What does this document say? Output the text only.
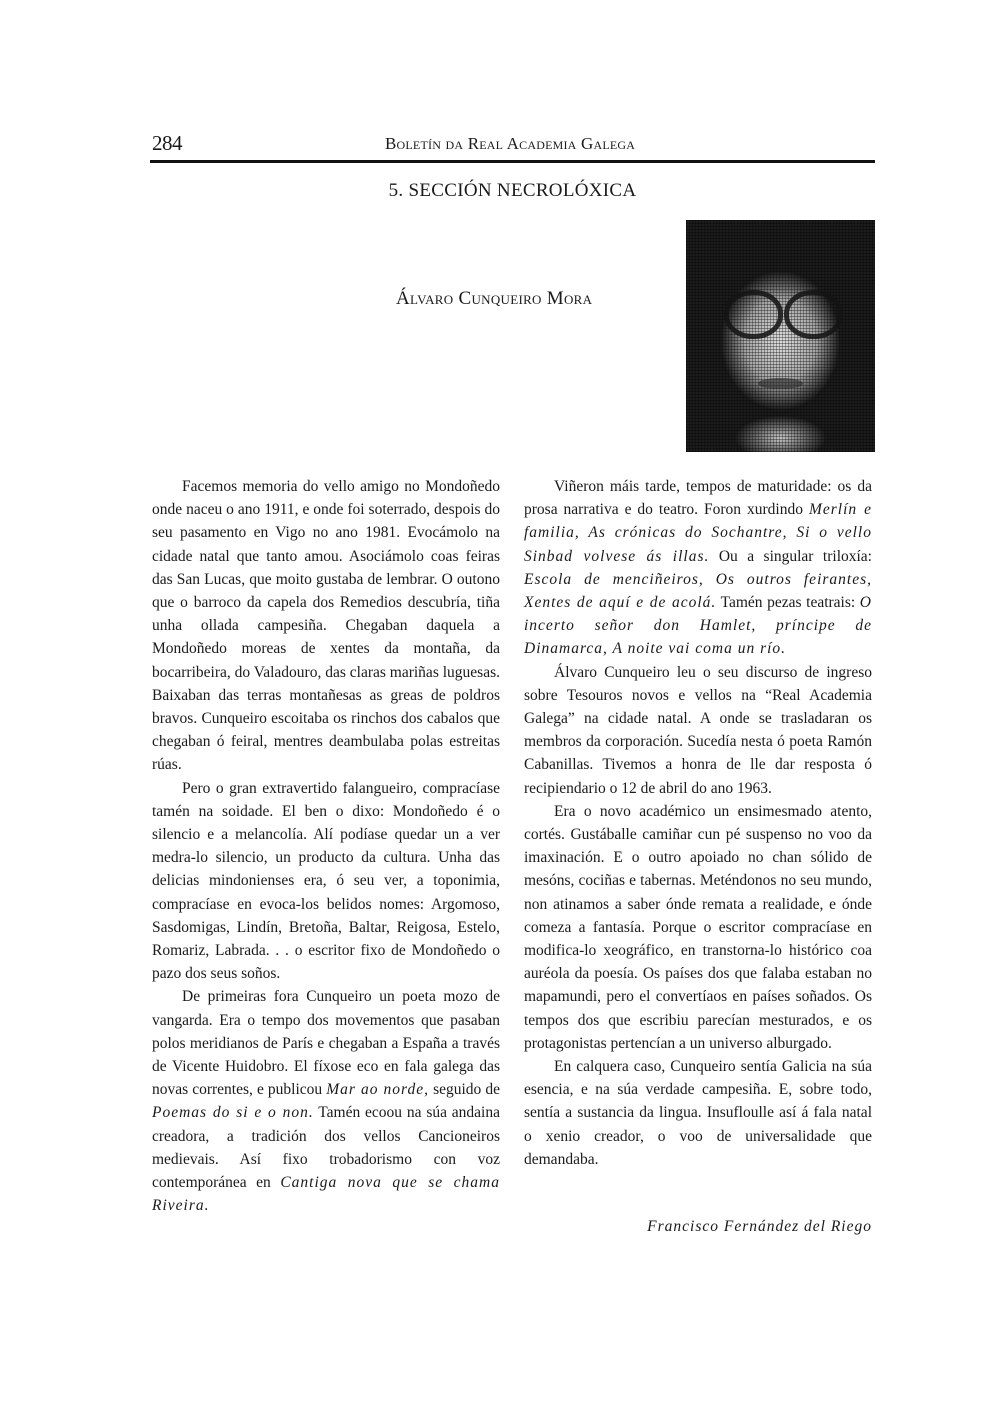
284	Boletín da Real Academia Galega
5. SECCIÓN NECROLÓXICA
Álvaro Cunqueiro Mora

Facemos memoria do vello amigo no Mondoñedo onde naceu o ano 1911, e onde foi soterrado, despois do seu pasamento en Vigo no ano 1981. Evocámolo na cidade natal que tanto amou. Asociámolo coas feiras das San Lucas, que moito gustaba de lembrar. O outono que o barroco da capela dos Remedios descubría, tiña unha ollada campesiña. Chegaban daquela a Mondoñedo moreas de xentes da montaña, da bocarribeira, do Valadouro, das claras mariñas luguesas. Baixaban das terras montañesas as greas de poldros bravos. Cunqueiro escoitaba os rinchos dos cabalos que chegaban ó feiral, mentres deambulaba polas estreitas rúas.

Pero o gran extravertido falangueiro, compracíase tamén na soidade. El ben o dixo: Mondoñedo é o silencio e a melancolía. Alí podíase quedar un a ver medra-lo silencio, un producto da cultura. Unha das delicias mindonienses era, ó seu ver, a toponimia, compracíase en evoca-los belidos nomes: Argomoso, Sasdomigas, Lindín, Bretoña, Baltar, Reigosa, Estelo, Romariz, Labrada. . . o escritor fixo de Mondoñedo o pazo dos seus soños.

De primeiras fora Cunqueiro un poeta mozo de vangarda. Era o tempo dos movementos que pasaban polos meridianos de París e chegaban a España a través de Vicente Huidobro. El fíxose eco en fala galega das novas correntes, e publicou Mar ao norde, seguido de Poemas do si e o non. Tamén ecoou na súa andaina creadora, a tradición dos vellos Cancioneiros medievais. Así fixo trobadorismo con voz contemporánea en Cantiga nova que se chama Riveira.

Viñeron máis tarde, tempos de maturidade: os da prosa narrativa e do teatro. Foron xurdindo Merlín e familia, As crónicas do Sochantre, Si o vello Sinbad volvese ás illas. Ou a singular triloxía: Escola de menciñeiros, Os outros feirantes, Xentes de aquí e de acolá. Tamén pezas teatrais: O incerto señor don Hamlet, príncipe de Dinamarca, A noite vai coma un río.

Álvaro Cunqueiro leu o seu discurso de ingreso sobre Tesouros novos e vellos na “Real Academia Galega” na cidade natal. A onde se trasladaran os membros da corporación. Sucedía nesta ó poeta Ramón Cabanillas. Tivemos a honra de lle dar resposta ó recipiendario o 12 de abril do ano 1963.

Era o novo académico un ensimesmado atento, cortés. Gustáballe camiñar cun pé suspenso no voo da imaxinación. E o outro apoiado no chan sólido de mesóns, cociñas e tabernas. Meténdonos no seu mundo, non atinamos a saber ónde remata a realidade, e ónde comeza a fantasía. Porque o escritor compracíase en modifica-lo xeográfico, en transtorna-lo histórico coa auréola da poesía. Os países dos que falaba estaban no mapamundi, pero el convertíaos en países soñados. Os tempos dos que escribiu parecían mesturados, e os protagonistas pertencían a un universo alburgado.

En calquera caso, Cunqueiro sentía Galicia na súa esencia, e na súa verdade campesiña. E, sobre todo, sentía a sustancia da lingua. Insufloulle así á fala natal o xenio creador, o voo de universalidade que demandaba.

Francisco Fernández del Riego
